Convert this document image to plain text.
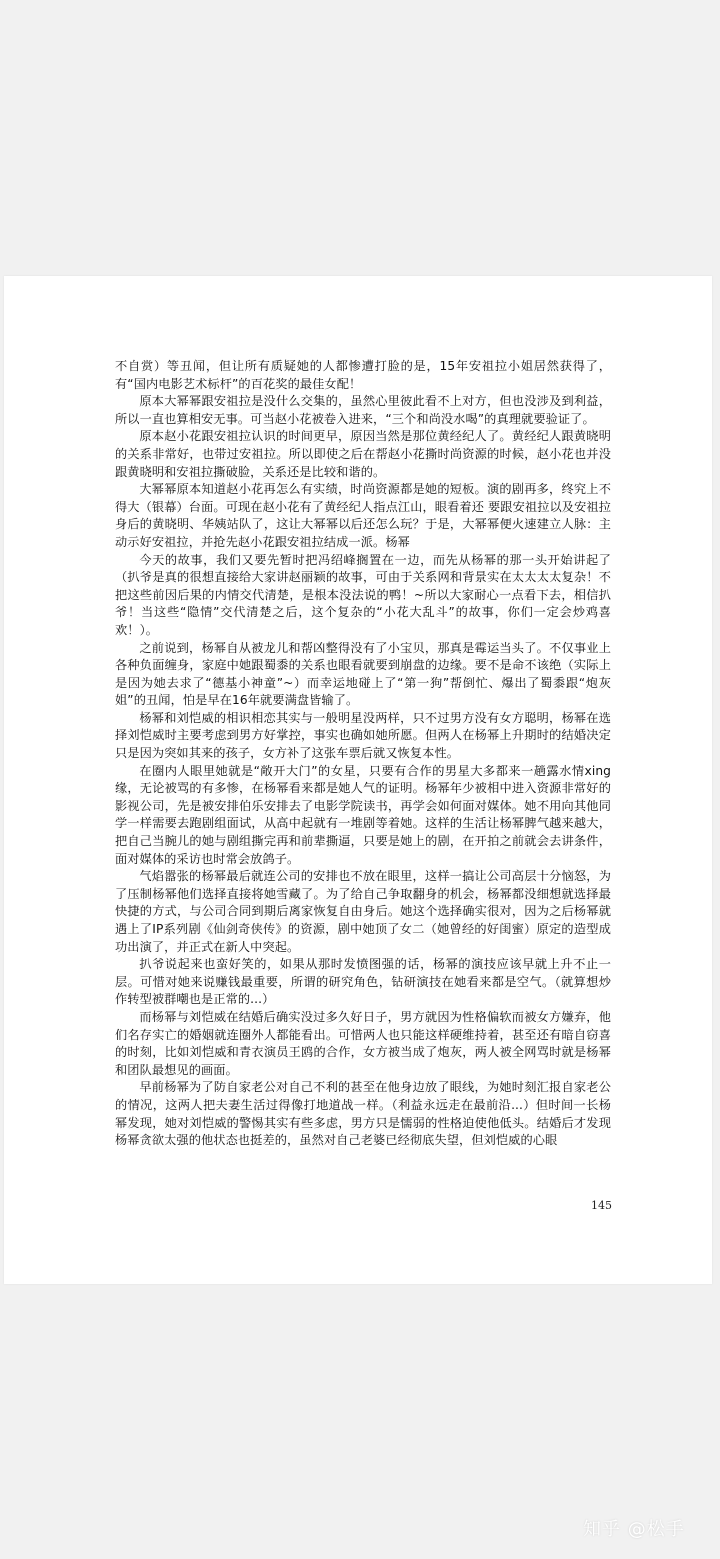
不自赏）等丑闻，但让所有质疑她的人都惨遭打脸的是，15年安祖拉小姐居然获得了，有“国内电影艺术标杆”的百花奖的最佳女配！

原本大幂幂跟安祖拉是没什么交集的，虽然心里彼此看不上对方，但也没涉及到利益，所以一直也算相安无事。可当赵小花被卷入进来，“三个和尚没水喝”的真理就要验证了。

原本赵小花跟安祖拉认识的时间更早，原因当然是那位黄经纪人了。黄经纪人跟黄晓明的关系非常好，也带过安祖拉。所以即使之后在帮赵小花撕时尚资源的时候，赵小花也并没跟黄晓明和安祖拉撕破脸，关系还是比较和谐的。

大幂幂原本知道赵小花再怎么有实绩，时尚资源都是她的短板。演的剧再多，终究上不得大（银幕）台面。可现在赵小花有了黄经纪人指点江山，眼看着还 要跟安祖拉以及安祖拉身后的黄晓明、华姨站队了，这让大幂幂以后还怎么玩？于是，大幂幂便火速建立人脉：主动示好安祖拉，并抢先赵小花跟安祖拉结成一派。杨幂

今天的故事，我们又要先暂时把冯绍峰搁置在一边，而先从杨幂的那一头开始讲起了（扒爷是真的很想直接给大家讲赵丽颖的故事，可由于关系网和背景实在太太太太复杂！不把这些前因后果的内情交代清楚，是根本没法说的鸭！~所以大家耐心一点看下去，相信扒爷！当这些“隐情”交代清楚之后，这个复杂的“小花大乱斗”的故事，你们一定会炒鸡喜欢！）。

之前说到，杨幂自从被龙儿和帮凶整得没有了小宝贝，那真是霉运当头了。不仅事业上各种负面缠身，家庭中她跟蜀黍的关系也眼看就要到崩盘的边缘。要不是命不该绝（实际上是因为她去求了“德基小神童”~）而幸运地碰上了“第一狗”帮倒忙、爆出了蜀黍跟“炮灰姐”的丑闻，怕是早在16年就要满盘皆输了。

杨幂和刘恺威的相识相恋其实与一般明星没两样，只不过男方没有女方聪明，杨幂在选择刘恺威时主要考虑到男方好掌控，事实也确如她所愿。但两人在杨幂上升期时的结婚决定只是因为突如其来的孩子，女方补了这张车票后就又恢复本性。

在圈内人眼里她就是“敞开大门”的女星，只要有合作的男星大多都来一趟露水情xing缘，无论被骂的有多惨，在杨幂看来都是她人气的证明。杨幂年少被相中进入资源非常好的影视公司，先是被安排伯乐安排去了电影学院读书，再学会如何面对媒体。她不用向其他同学一样需要去跑剧组面试，从高中起就有一堆剧等着她。这样的生活让杨幂脾气越来越大，把自己当腕儿的她与剧组撕完再和前辈撕逼，只要是她上的剧，在开拍之前就会去讲条件，面对媒体的采访也时常会放鸽子。

气焰嚣张的杨幂最后就连公司的安排也不放在眼里，这样一搞让公司高层十分恼怒，为了压制杨幂他们选择直接将她雪藏了。为了给自己争取翻身的机会，杨幂都没细想就选择最快捷的方式，与公司合同到期后离家恢复自由身后。她这个选择确实很对，因为之后杨幂就遇上了IP系列剧《仙剑奇侠传》的资源，剧中她顶了女二（她曾经的好闺蜜）原定的造型成功出演了，并正式在新人中突起。

扒爷说起来也蛮好笑的，如果从那时发愤图强的话，杨幂的演技应该早就上升不止一层。可惜对她来说赚钱最重要，所谓的研究角色，钻研演技在她看来都是空气。（就算想炒作转型被群嘲也是正常的...）

而杨幂与刘恺威在结婚后确实没过多久好日子，男方就因为性格偏软而被女方嫌弃，他们名存实亡的婚姻就连圈外人都能看出。可惜两人也只能这样硬维持着，甚至还有暗自窃喜的时刻，比如刘恺威和青衣演员王鸥的合作，女方被当成了炮灰，两人被全网骂时就是杨幂和团队最想见的画面。

早前杨幂为了防自家老公对自己不利的甚至在他身边放了眼线，为她时刻汇报自家老公的情况，这两人把夫妻生活过得像打地道战一样。（利益永远走在最前沿...）但时间一长杨幂发现，她对刘恺威的警惕其实有些多虑，男方只是懦弱的性格迫使他低头。结婚后才发现杨幂贪欲太强的他状态也挺差的，虽然对自己老婆已经彻底失望，但刘恺威的心眼

145
知乎 @松手
